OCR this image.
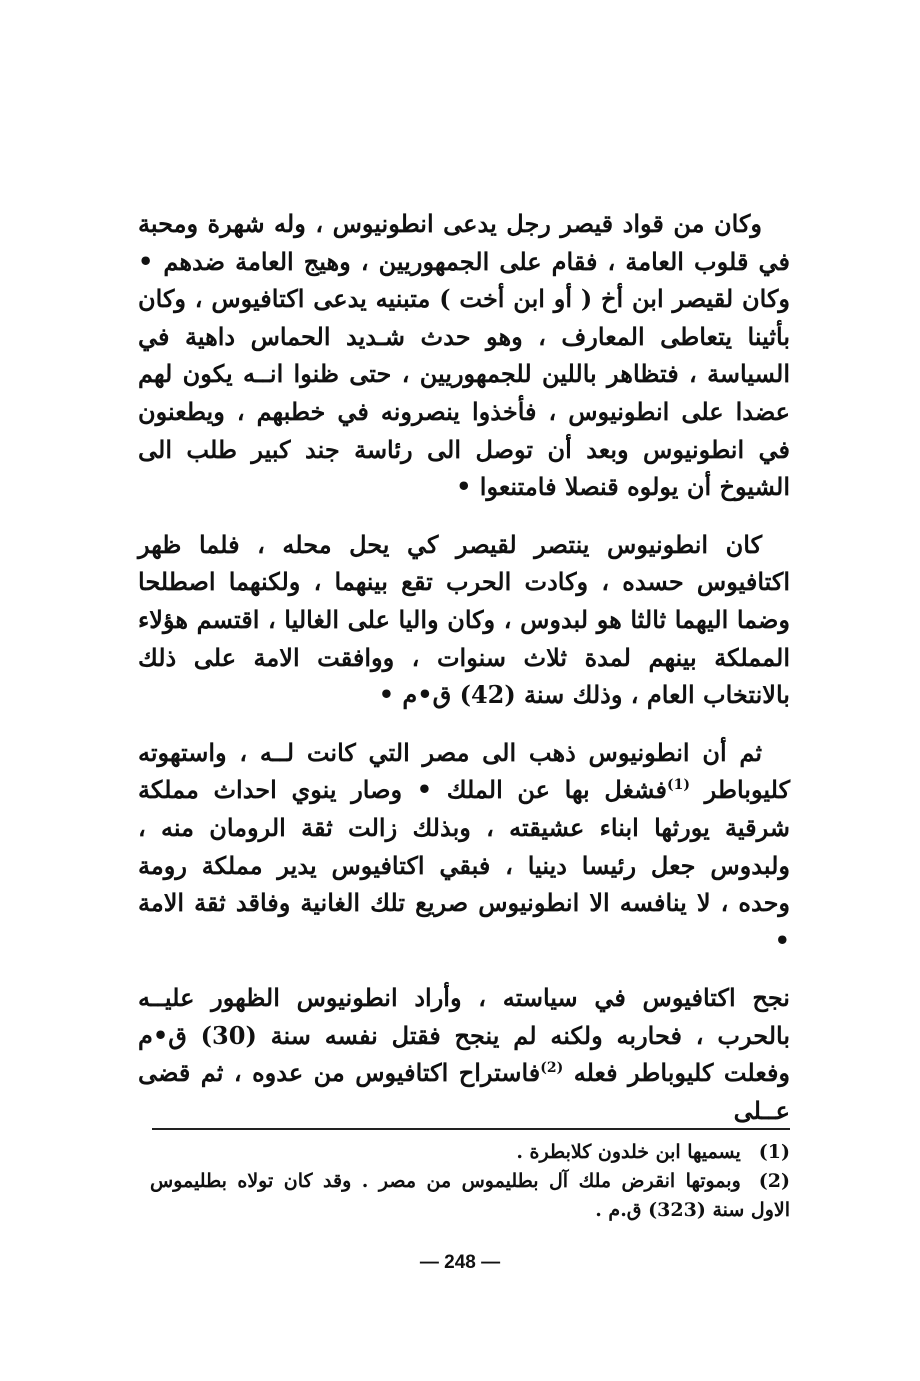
وكان من قواد قيصر رجل يدعى انطونيوس ، وله شهرة ومحبة في قلوب العامة ، فقام على الجمهوريين ، وهيج العامة ضدهم • وكان لقيصر ابن أخ ( أو ابن أخت ) متبنيه يدعى اكتافيوس ، وكان بأثينا يتعاطى المعارف ، وهو حدث شـديد الحماس داهية في السياسة ، فتظاهر باللين للجمهوريين ، حتى ظنوا انــه يكون لهم عضدا على انطونيوس ، فأخذوا ينصرونه في خطبهم ، ويطعنون في انطونيوس وبعد أن توصل الى رئاسة جند كبير طلب الى الشيوخ أن يولوه قنصلا فامتنعوا •

كان انطونيوس ينتصر لقيصر كي يحل محله ، فلما ظهر اكتافيوس حسده ، وكادت الحرب تقع بينهما ، ولكنهما اصطلحا وضما اليهما ثالثا هو لبدوس ، وكان واليا على الغاليا ، اقتسم هؤلاء المملكة بينهم لمدة ثلاث سنوات ، ووافقت الامة على ذلك بالانتخاب العام ، وذلك سنة (42) ق•م •

ثم أن انطونيوس ذهب الى مصر التي كانت لــه ، واستهوته كليوباطر $^{(1)}$فشغل بها عن الملك • وصار ينوي احداث مملكة شرقية يورثها ابناء عشيقته ، وبذلك زالت ثقة الرومان منه ، ولبدوس جعل رئيسا دينيا ، فبقي اكتافيوس يدير مملكة رومة وحده ، لا ينافسه الا انطونيوس صريع تلك الغانية وفاقد ثقة الامة •

نجح اكتافيوس في سياسته ، وأراد انطونيوس الظهور عليــه بالحرب ، فحاربه ولكنه لم ينجح فقتل نفسه سنة (30) ق•م وفعلت كليوباطر فعله $^{(2)}$فاستراح اكتافيوس من عدوه ، ثم قضى عــلى

(1)يسميها ابن خلدون كلابطرة .

(2)وبموتها انقرض ملك آل بطليموس من مصر . وقد كان تولاه بطليموس الاول سنة (323) ق.م .

— 248 —
